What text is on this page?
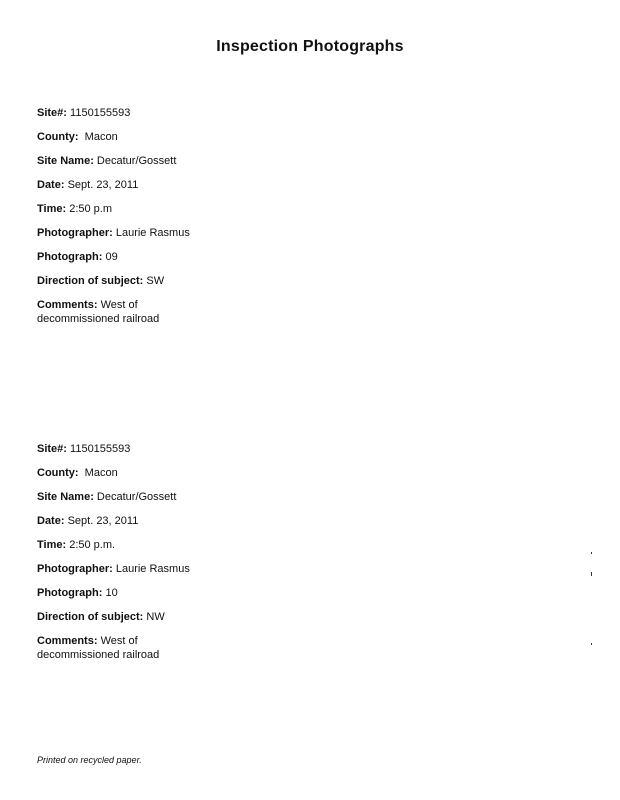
Inspection Photographs
Site#: 1150155593
County: Macon
Site Name: Decatur/Gossett
Date: Sept. 23, 2011
Time: 2:50 p.m
Photographer: Laurie Rasmus
Photograph: 09
Direction of subject: SW
Comments: West of decommissioned railroad
Site#: 1150155593
County: Macon
Site Name: Decatur/Gossett
Date: Sept. 23, 2011
Time: 2:50 p.m.
Photographer: Laurie Rasmus
Photograph: 10
Direction of subject: NW
Comments: West of decommissioned railroad
Printed on recycled paper.
